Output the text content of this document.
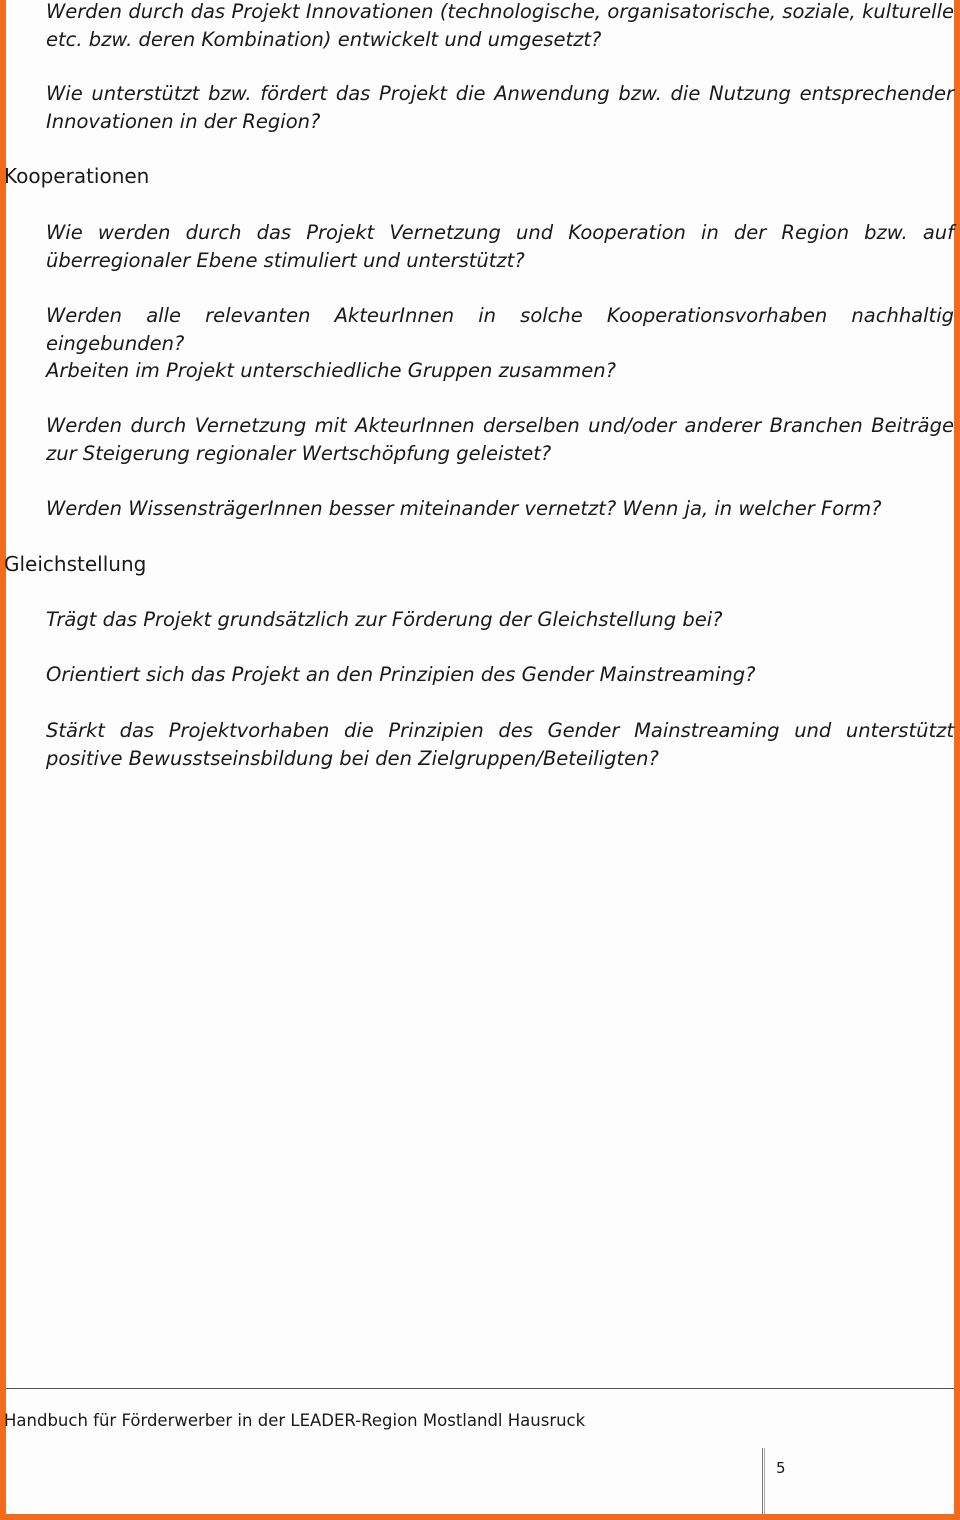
Werden durch das Projekt Innovationen (technologische, organisatorische, soziale, kulturelle etc. bzw. deren Kombination) entwickelt und umgesetzt?

Wie unterstützt bzw. fördert das Projekt die Anwendung bzw. die Nutzung entsprechender Innovationen in der Region?

Kooperationen

Wie werden durch das Projekt Vernetzung und Kooperation in der Region bzw. auf überregionaler Ebene stimuliert und unterstützt?

Werden alle relevanten AkteurInnen in solche Kooperationsvorhaben nachhaltig eingebunden?

Arbeiten im Projekt unterschiedliche Gruppen zusammen?

Werden durch Vernetzung mit AkteurInnen derselben und/oder anderer Branchen Beiträge zur Steigerung regionaler Wertschöpfung geleistet?

Werden WissensträgerInnen besser miteinander vernetzt? Wenn ja, in welcher Form?

Gleichstellung

Trägt das Projekt grundsätzlich zur Förderung der Gleichstellung bei?

Orientiert sich das Projekt an den Prinzipien des Gender Mainstreaming?

Stärkt das Projektvorhaben die Prinzipien des Gender Mainstreaming und unterstützt positive Bewusstseinsbildung bei den Zielgruppen/Beteiligten?

Handbuch für Förderwerber in der LEADER-Region Mostlandl Hausruck
5
